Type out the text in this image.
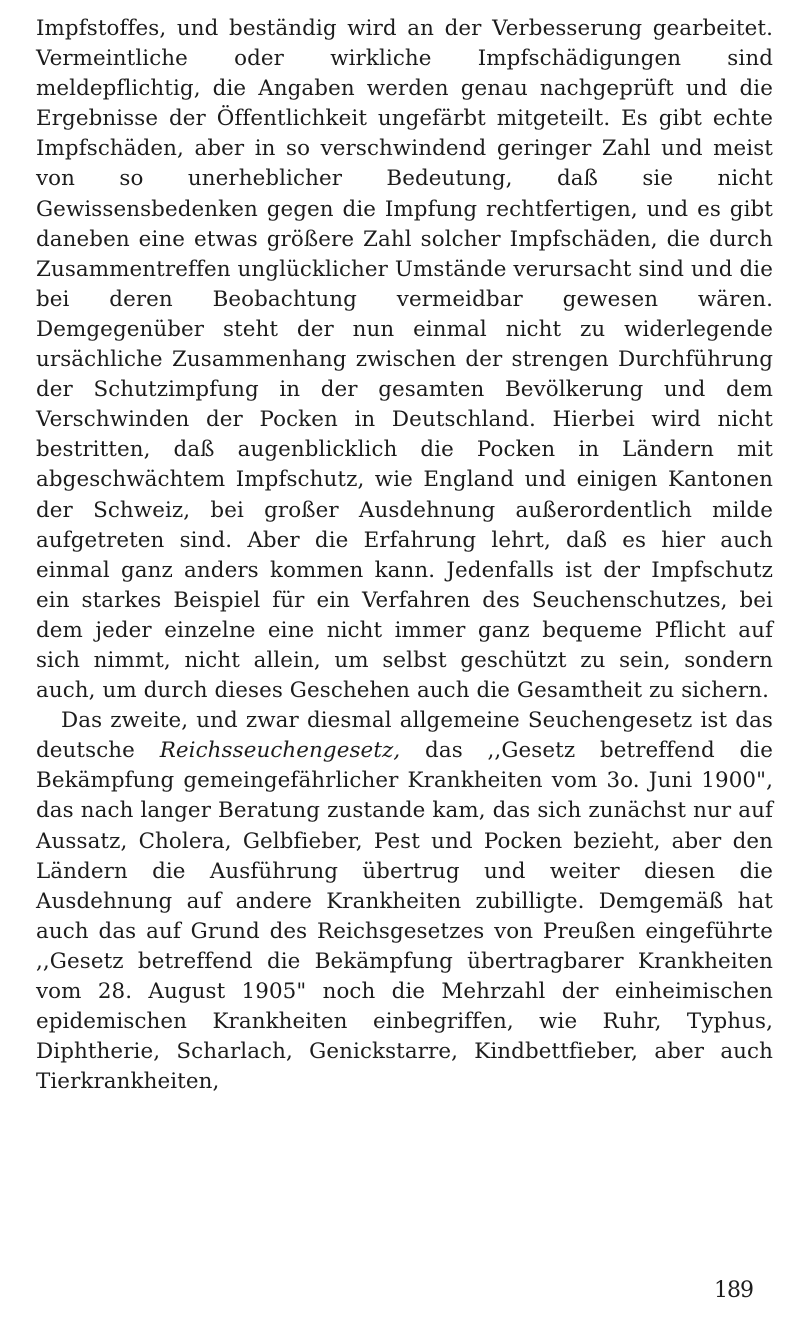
Impfstoffes, und beständig wird an der Verbesserung gearbeitet. Vermeintliche oder wirkliche Impfschädigungen sind meldepflichtig, die Angaben werden genau nachgeprüft und die Ergebnisse der Öffentlichkeit ungefärbt mitgeteilt. Es gibt echte Impfschäden, aber in so verschwindend geringer Zahl und meist von so unerheblicher Bedeutung, daß sie nicht Gewissensbedenken gegen die Impfung rechtfertigen, und es gibt daneben eine etwas größere Zahl solcher Impfschäden, die durch Zusammentreffen unglücklicher Umstände verursacht sind und die bei deren Beobachtung vermeidbar gewesen wären. Demgegenüber steht der nun einmal nicht zu widerlegende ursächliche Zusammenhang zwischen der strengen Durchführung der Schutzimpfung in der gesamten Bevölkerung und dem Verschwinden der Pocken in Deutschland. Hierbei wird nicht bestritten, daß augenblicklich die Pocken in Ländern mit abgeschwächtem Impfschutz, wie England und einigen Kantonen der Schweiz, bei großer Ausdehnung außerordentlich milde aufgetreten sind. Aber die Erfahrung lehrt, daß es hier auch einmal ganz anders kommen kann. Jedenfalls ist der Impfschutz ein starkes Beispiel für ein Verfahren des Seuchenschutzes, bei dem jeder einzelne eine nicht immer ganz bequeme Pflicht auf sich nimmt, nicht allein, um selbst geschützt zu sein, sondern auch, um durch dieses Geschehen auch die Gesamtheit zu sichern.

Das zweite, und zwar diesmal allgemeine Seuchengesetz ist das deutsche Reichsseuchengesetz, das ,,Gesetz betreffend die Bekämpfung gemeingefährlicher Krankheiten vom 3o. Juni 1900", das nach langer Beratung zustande kam, das sich zunächst nur auf Aussatz, Cholera, Gelbfieber, Pest und Pocken bezieht, aber den Ländern die Ausführung übertrug und weiter diesen die Ausdehnung auf andere Krankheiten zubilligte. Demgemäß hat auch das auf Grund des Reichsgesetzes von Preußen eingeführte ,,Gesetz betreffend die Bekämpfung übertragbarer Krankheiten vom 28. August 1905" noch die Mehrzahl der einheimischen epidemischen Krankheiten einbegriffen, wie Ruhr, Typhus, Diphtherie, Scharlach, Genickstarre, Kindbettfieber, aber auch Tierkrankheiten,

189
